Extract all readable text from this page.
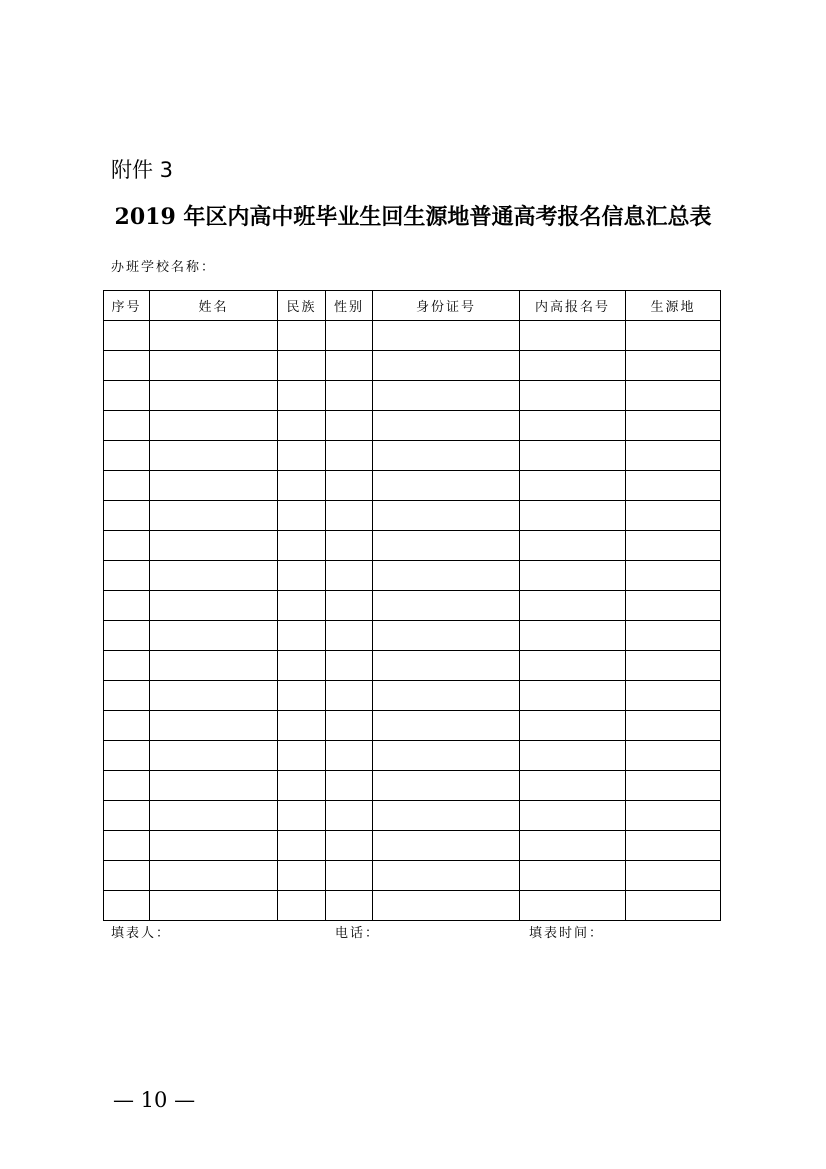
附件 3
2019 年区内高中班毕业生回生源地普通高考报名信息汇总表
办班学校名称：
序号	姓名	民族	性别	身份证号	内高报名号	生源地

填表人：	电话：	填表时间：
— 10 —
